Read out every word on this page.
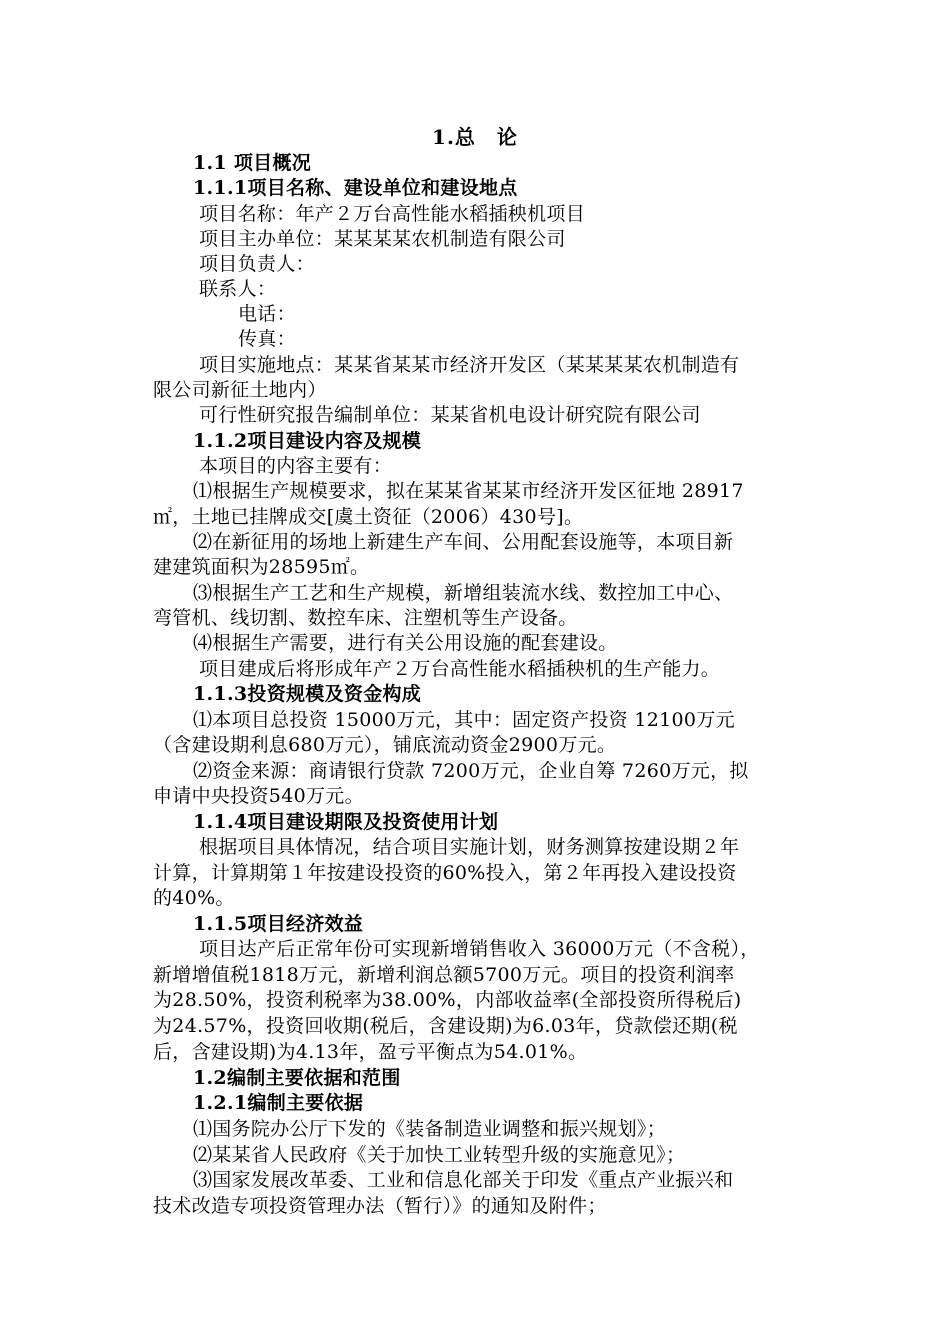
1.总　论
1.1 项目概况
1.1.1项目名称、建设单位和建设地点
项目名称：年产２万台高性能水稻插秧机项目
项目主办单位：某某某某农机制造有限公司
项目负责人：
联系人：
电话：
传真：
项目实施地点：某某省某某市经济开发区（某某某某农机制造有
限公司新征土地内）
可行性研究报告编制单位：某某省机电设计研究院有限公司
1.1.2项目建设内容及规模
本项目的内容主要有：
⑴根据生产规模要求，拟在某某省某某市经济开发区征地 28917
㎡，土地已挂牌成交[虞土资征（2006）430号]。
⑵在新征用的场地上新建生产车间、公用配套设施等，本项目新
建建筑面积为28595㎡。
⑶根据生产工艺和生产规模，新增组装流水线、数控加工中心、
弯管机、线切割、数控车床、注塑机等生产设备。
⑷根据生产需要，进行有关公用设施的配套建设。
项目建成后将形成年产２万台高性能水稻插秧机的生产能力。
1.1.3投资规模及资金构成
⑴本项目总投资 15000万元，其中：固定资产投资 12100万元
（含建设期利息680万元），铺底流动资金2900万元。
⑵资金来源：商请银行贷款 7200万元，企业自筹 7260万元，拟
申请中央投资540万元。
1.1.4项目建设期限及投资使用计划
根据项目具体情况，结合项目实施计划，财务测算按建设期２年
计算，计算期第１年按建设投资的60%投入，第２年再投入建设投资
的40%。
1.1.5项目经济效益
项目达产后正常年份可实现新增销售收入 36000万元（不含税），
新增增值税1818万元，新增利润总额5700万元。项目的投资利润率
为28.50%，投资利税率为38.00%，内部收益率(全部投资所得税后)
为24.57%，投资回收期(税后，含建设期)为6.03年，贷款偿还期(税
后，含建设期)为4.13年，盈亏平衡点为54.01%。
1.2编制主要依据和范围
1.2.1编制主要依据
⑴国务院办公厅下发的《装备制造业调整和振兴规划》；
⑵某某省人民政府《关于加快工业转型升级的实施意见》；
⑶国家发展改革委、工业和信息化部关于印发《重点产业振兴和
技术改造专项投资管理办法（暂行）》的通知及附件；
